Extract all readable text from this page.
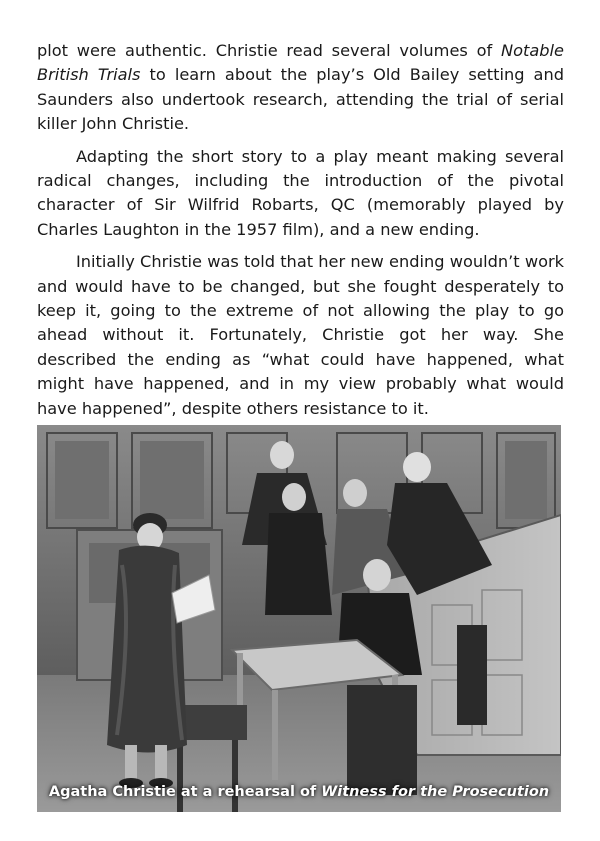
plot were authentic. Christie read several volumes of Notable British Trials to learn about the play’s Old Bailey setting and Saunders also undertook research, attending the trial of serial killer John Christie.

Adapting the short story to a play meant making several radical changes, including the introduction of the pivotal character of Sir Wilfrid Robarts, QC (memorably played by Charles Laughton in the 1957 film), and a new ending.

Initially Christie was told that her new ending wouldn’t work and would have to be changed, but she fought desperately to keep it, going to the extreme of not allowing the play to go ahead without it. Fortunately, Christie got her way. She described the ending as “what could have happened, what might have happened, and in my view probably what would have happened”, despite others resistance to it.

Agatha Christie at a rehearsal of Witness for the Prosecution
